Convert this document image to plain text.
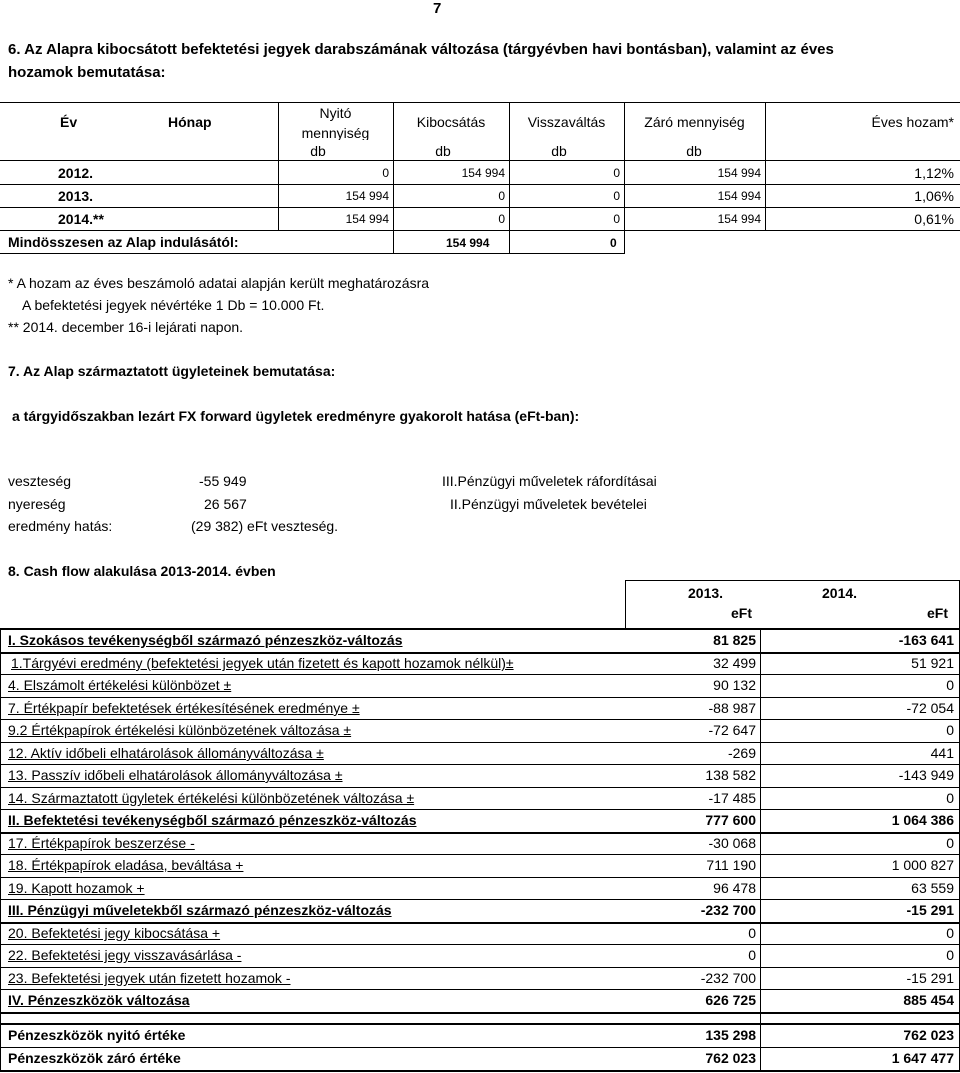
7
6. Az Alapra kibocsátott befektetési jegyek darabszámának változása (tárgyévben havi bontásban), valamint az éves
hozamok bemutatása:
Év	Hónap
Nyitó
mennyiség
Kibocsátás	Visszaváltás	Záró mennyiség	Éves hozam*
db	db	db	db
2012.	0	154 994	0	154 994	1,12%
2013.	154 994	0	0	154 994	1,06%
2014.**	154 994	0	0	154 994	0,61%
Mindösszesen az Alap indulásától:	154 994	0
* A hozam az éves beszámoló adatai alapján került meghatározásra
A befektetési jegyek névértéke 1 Db = 10.000 Ft.
** 2014. december 16-i lejárati napon.
7. Az Alap származtatott ügyleteinek bemutatása:
a tárgyidőszakban lezárt FX forward ügyletek eredményre gyakorolt hatása (eFt-ban):
veszteség	-55 949	III.Pénzügyi műveletek ráfordításai
nyereség	26 567	II.Pénzügyi műveletek bevételei
eredmény hatás:	(29 382) eFt veszteség.
8. Cash flow alakulása 2013-2014. évben
2013.	2014.
eFt	eFt
I. Szokásos tevékenységből származó pénzeszköz-változás	81 825	-163 641
1.Tárgyévi eredmény (befektetési jegyek után fizetett és kapott hozamok nélkül)±	32 499	51 921
4. Elszámolt értékelési különbözet ±	90 132	0
7. Értékpapír befektetések értékesítésének eredménye ±	-88 987	-72 054
9.2 Értékpapírok értékelési különbözetének változása ±	-72 647	0
12. Aktív időbeli elhatárolások állományváltozása ±	-269	441
13. Passzív időbeli elhatárolások állományváltozása ±	138 582	-143 949
14. Származtatott ügyletek értékelési különbözetének változása ±	-17 485	0
II. Befektetési tevékenységből származó pénzeszköz-változás	777 600	1 064 386
17. Értékpapírok beszerzése -	-30 068	0
18. Értékpapírok eladása, beváltása +	711 190	1 000 827
19. Kapott hozamok +	96 478	63 559
III. Pénzügyi műveletekből származó pénzeszköz-változás	-232 700	-15 291
20. Befektetési jegy kibocsátása +	0	0
22. Befektetési jegy visszavásárlása -	0	0
23. Befektetési jegyek után fizetett hozamok -	-232 700	-15 291
IV. Pénzeszközök változása	626 725	885 454
Pénzeszközök nyitó értéke	135 298	762 023
Pénzeszközök záró értéke	762 023	1 647 477
